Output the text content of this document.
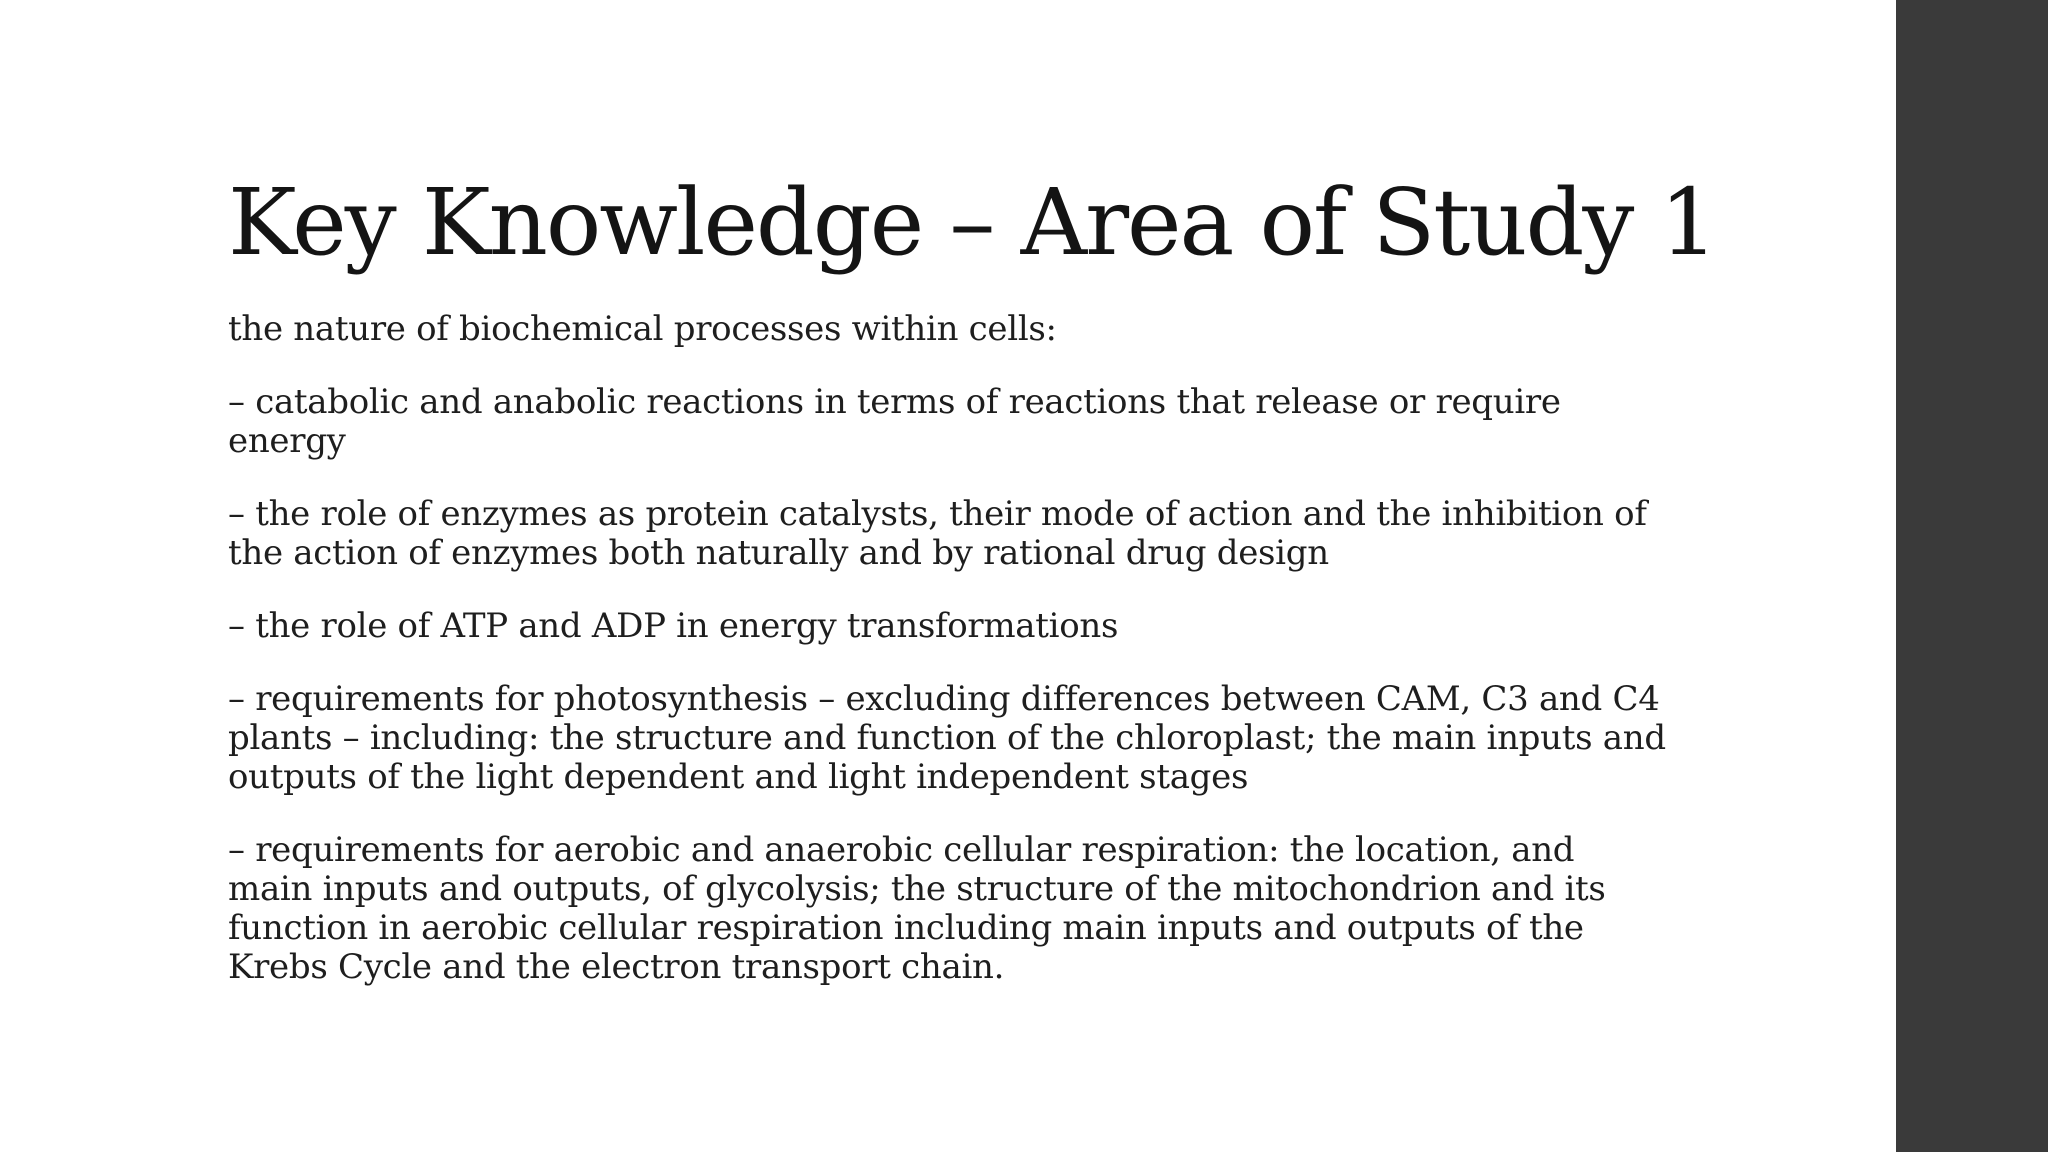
Key Knowledge – Area of Study 1

the nature of biochemical processes within cells:

– catabolic and anabolic reactions in terms of reactions that release or require energy

– the role of enzymes as protein catalysts, their mode of action and the inhibition of the action of enzymes both naturally and by rational drug design

– the role of ATP and ADP in energy transformations

– requirements for photosynthesis – excluding differences between CAM, C3 and C4 plants – including: the structure and function of the chloroplast; the main inputs and outputs of the light dependent and light independent stages

– requirements for aerobic and anaerobic cellular respiration: the location, and main inputs and outputs, of glycolysis; the structure of the mitochondrion and its function in aerobic cellular respiration including main inputs and outputs of the Krebs Cycle and the electron transport chain.
